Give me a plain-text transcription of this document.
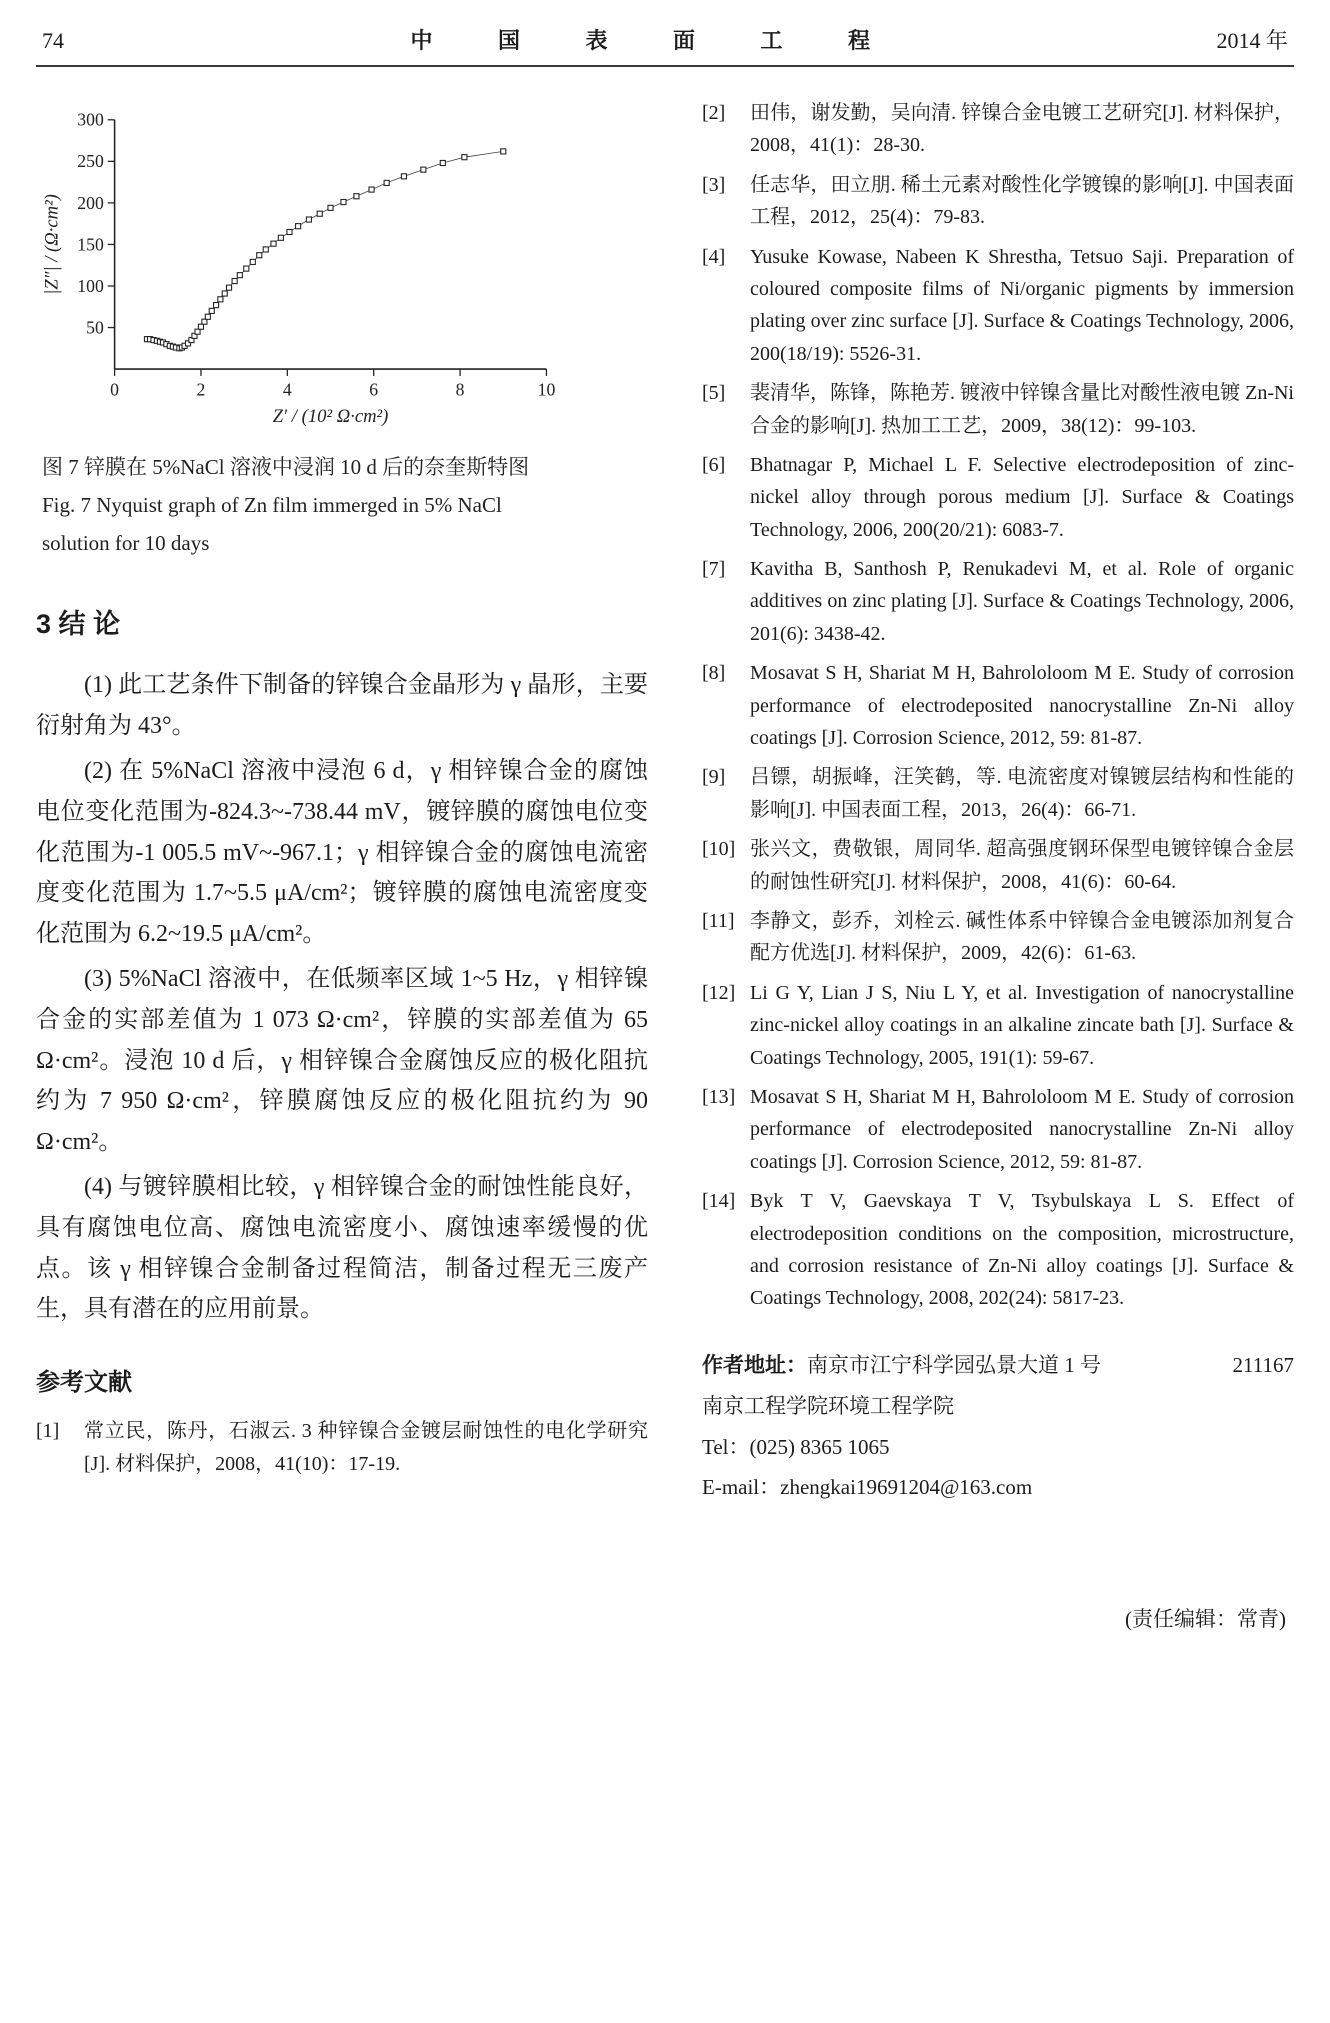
74	中 国 表 面 工 程	2014 年
50
100
150
200
250
300
0	2	4	6	8	10
Z′ / (10² Ω·cm²)
|Z″| / (Ω·cm²)
图 7 锌膜在 5%NaCl 溶液中浸润 10 d 后的奈奎斯特图
Fig. 7 Nyquist graph of Zn film immerged in 5% NaCl
solution for 10 days
3 结 论

(1) 此工艺条件下制备的锌镍合金晶形为 γ 晶形，主要衍射角为 43°。

(2) 在 5%NaCl 溶液中浸泡 6 d，γ 相锌镍合金的腐蚀电位变化范围为-824.3~-738.44 mV，镀锌膜的腐蚀电位变化范围为-1 005.5 mV~-967.1；γ 相锌镍合金的腐蚀电流密度变化范围为 1.7~5.5 μA/cm²；镀锌膜的腐蚀电流密度变化范围为 6.2~19.5 μA/cm²。

(3) 5%NaCl 溶液中，在低频率区域 1~5 Hz，γ 相锌镍合金的实部差值为 1 073 Ω·cm²，锌膜的实部差值为 65 Ω·cm²。浸泡 10 d 后，γ 相锌镍合金腐蚀反应的极化阻抗约为 7 950 Ω·cm²，锌膜腐蚀反应的极化阻抗约为 90 Ω·cm²。

(4) 与镀锌膜相比较，γ 相锌镍合金的耐蚀性能良好，具有腐蚀电位高、腐蚀电流密度小、腐蚀速率缓慢的优点。该 γ 相锌镍合金制备过程简洁，制备过程无三废产生，具有潜在的应用前景。

参考文献
[1]	常立民，陈丹，石淑云. 3 种锌镍合金镀层耐蚀性的电化学研究[J]. 材料保护，2008，41(10)：17-19.
[2]	田伟，谢发勤，吴向清. 锌镍合金电镀工艺研究[J]. 材料保护，2008，41(1)：28-30.
[3]	任志华，田立朋. 稀土元素对酸性化学镀镍的影响[J]. 中国表面工程，2012，25(4)：79-83.
[4]	Yusuke Kowase, Nabeen K Shrestha, Tetsuo Saji. Preparation of coloured composite films of Ni/organic pigments by immersion plating over zinc surface [J]. Surface & Coatings Technology, 2006, 200(18/19): 5526-31.
[5]	裴清华，陈锋，陈艳芳. 镀液中锌镍含量比对酸性液电镀 Zn-Ni 合金的影响[J]. 热加工工艺，2009，38(12)：99-103.
[6]	Bhatnagar P, Michael L F. Selective electrodeposition of zinc-nickel alloy through porous medium [J]. Surface & Coatings Technology, 2006, 200(20/21): 6083-7.
[7]	Kavitha B, Santhosh P, Renukadevi M, et al. Role of organic additives on zinc plating [J]. Surface & Coatings Technology, 2006, 201(6): 3438-42.
[8]	Mosavat S H, Shariat M H, Bahrololoom M E. Study of corrosion performance of electrodeposited nanocrystalline Zn-Ni alloy coatings [J]. Corrosion Science, 2012, 59: 81-87.
[9]	吕镖，胡振峰，汪笑鹤，等. 电流密度对镍镀层结构和性能的影响[J]. 中国表面工程，2013，26(4)：66-71.
[10] 张兴文，费敬银，周同华. 超高强度钢环保型电镀锌镍合金层的耐蚀性研究[J]. 材料保护，2008，41(6)：60-64.
[11] 李静文，彭乔，刘栓云. 碱性体系中锌镍合金电镀添加剂复合配方优选[J]. 材料保护，2009，42(6)：61-63.
[12] Li G Y, Lian J S, Niu L Y, et al. Investigation of nanocrystalline zinc-nickel alloy coatings in an alkaline zincate bath [J]. Surface & Coatings Technology, 2005, 191(1): 59-67.
[13] Mosavat S H, Shariat M H, Bahrololoom M E. Study of corrosion performance of electrodeposited nanocrystalline Zn-Ni alloy coatings [J]. Corrosion Science, 2012, 59: 81-87.
[14] Byk T V, Gaevskaya T V, Tsybulskaya L S. Effect of electrodeposition conditions on the composition, microstructure, and corrosion resistance of Zn-Ni alloy coatings [J]. Surface & Coatings Technology, 2008, 202(24): 5817-23.
作者地址：南京市江宁科学园弘景大道 1 号	211167
南京工程学院环境工程学院
Tel：(025) 8365 1065
E-mail：zhengkai19691204@163.com
(责任编辑：常青)
